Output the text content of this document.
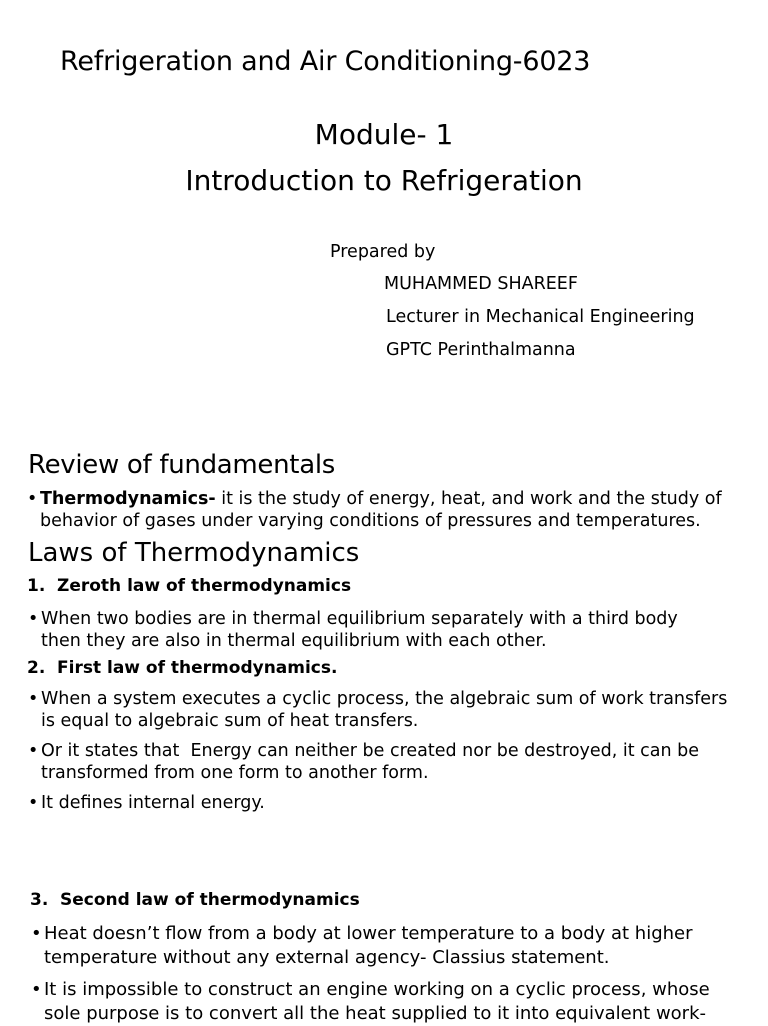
Refrigeration and Air Conditioning-6023
Module- 1
Introduction to Refrigeration
Prepared by
MUHAMMED SHAREEF
Lecturer in Mechanical Engineering
GPTC Perinthalmanna
Review of fundamentals
• Thermodynamics- it is the study of energy, heat, and work and the study of
behavior of gases under varying conditions of pressures and temperatures.
Laws of Thermodynamics
1. Zeroth law of thermodynamics
• When two bodies are in thermal equilibrium separately with a third body
then they are also in thermal equilibrium with each other.
2. First law of thermodynamics.
• When a system executes a cyclic process, the algebraic sum of work transfers
is equal to algebraic sum of heat transfers.
• Or it states that  Energy can neither be created nor be destroyed, it can be
transformed from one form to another form.
• It defines internal energy.
3. Second law of thermodynamics
• Heat doesn’t flow from a body at lower temperature to a body at higher
temperature without any external agency- Classius statement.
• It is impossible to construct an engine working on a cyclic process, whose
sole purpose is to convert all the heat supplied to it into equivalent work-
